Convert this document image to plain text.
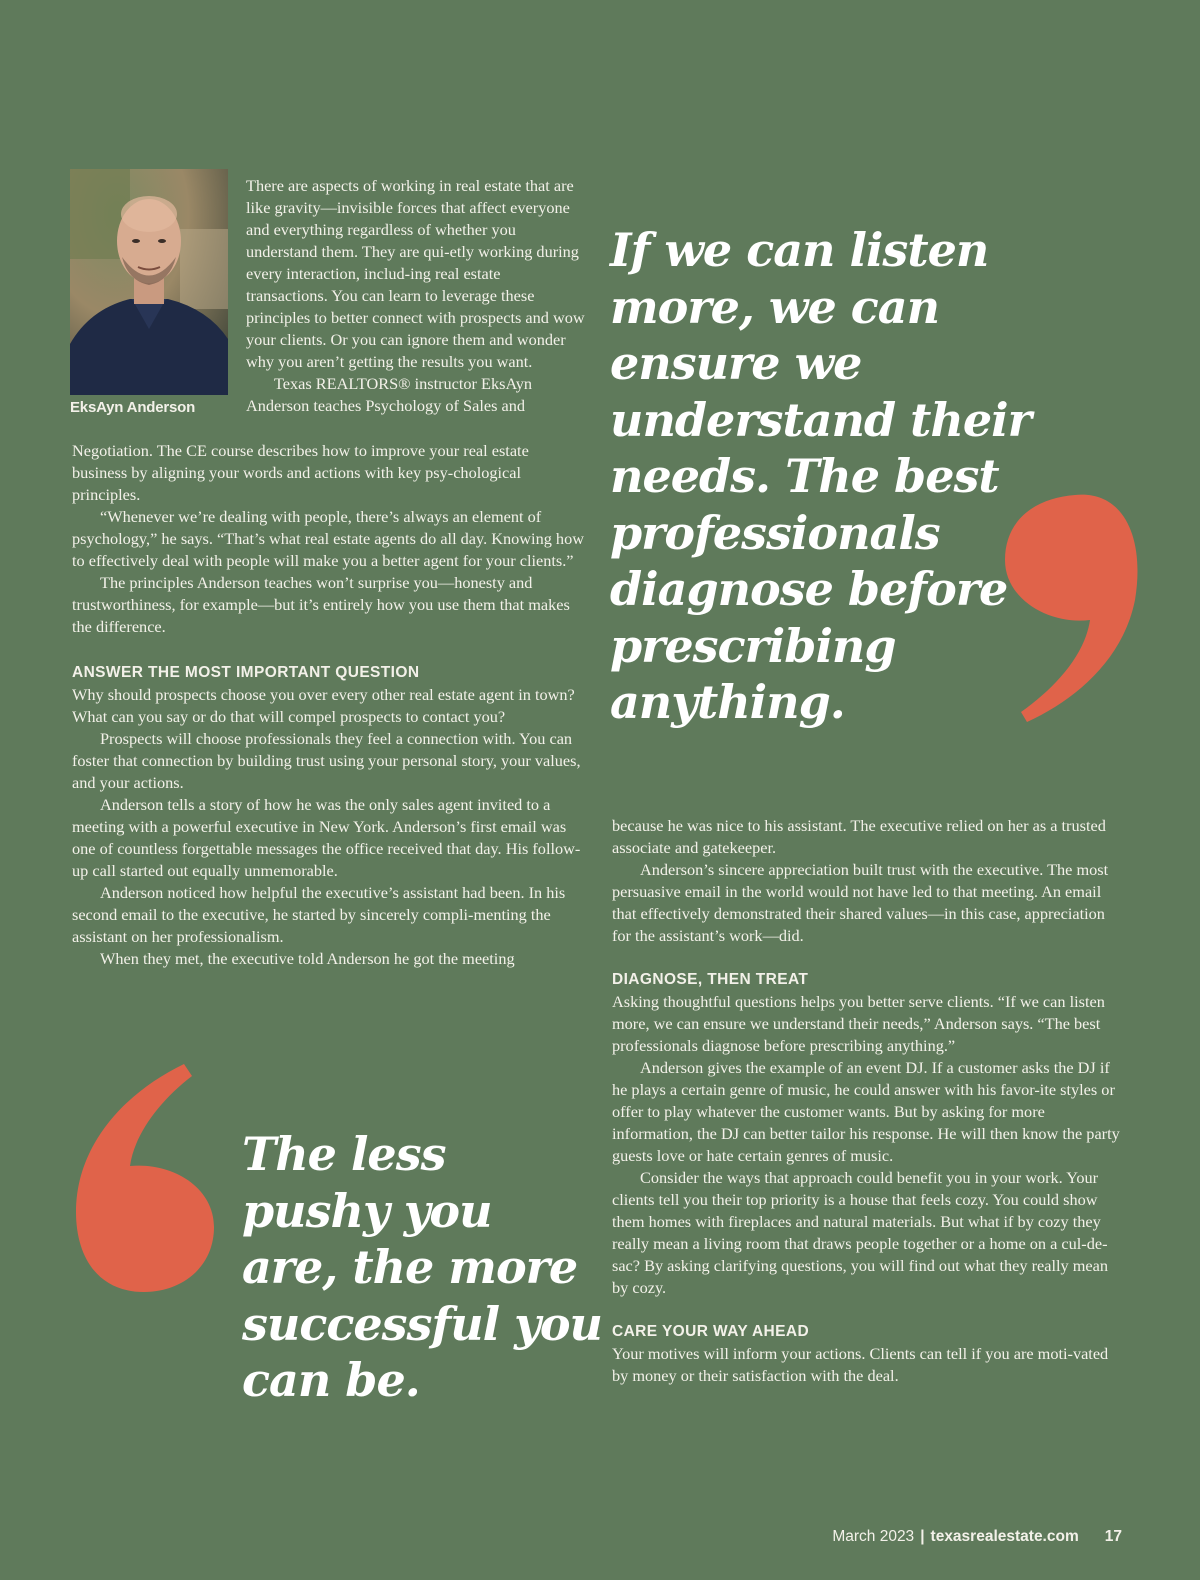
EksAyn Anderson

There are aspects of working in real estate that are like gravity—invisible forces that affect everyone and everything regardless of whether you understand them. They are qui-etly working during every interaction, includ-ing real estate transactions. You can learn to leverage these principles to better connect with prospects and wow your clients. Or you can ignore them and wonder why you aren’t getting the results you want.

Texas REALTORS® instructor EksAyn Anderson teaches Psychology of Sales and

Negotiation. The CE course describes how to improve your real estate business by aligning your words and actions with key psy-chological principles.

“Whenever we’re dealing with people, there’s always an element of psychology,” he says. “That’s what real estate agents do all day. Knowing how to effectively deal with people will make you a better agent for your clients.”

The principles Anderson teaches won’t surprise you—honesty and trustworthiness, for example—but it’s entirely how you use them that makes the difference.

ANSWER THE MOST IMPORTANT QUESTION

Why should prospects choose you over every other real estate agent in town? What can you say or do that will compel prospects to contact you?

Prospects will choose professionals they feel a connection with. You can foster that connection by building trust using your personal story, your values, and your actions.

Anderson tells a story of how he was the only sales agent invited to a meeting with a powerful executive in New York. Anderson’s first email was one of countless forgettable messages the office received that day. His follow-up call started out equally unmemorable.

Anderson noticed how helpful the executive’s assistant had been. In his second email to the executive, he started by sincerely compli-menting the assistant on her professionalism.

When they met, the executive told Anderson he got the meeting

If we can listen
more, we can
ensure we
understand their
needs. The best
professionals
diagnose before
prescribing
anything.

because he was nice to his assistant. The executive relied on her as a trusted associate and gatekeeper.

Anderson’s sincere appreciation built trust with the executive. The most persuasive email in the world would not have led to that meeting. An email that effectively demonstrated their shared values—in this case, appreciation for the assistant’s work—did.

DIAGNOSE, THEN TREAT

Asking thoughtful questions helps you better serve clients. “If we can listen more, we can ensure we understand their needs,” Anderson says. “The best professionals diagnose before prescribing anything.”

Anderson gives the example of an event DJ. If a customer asks the DJ if he plays a certain genre of music, he could answer with his favor-ite styles or offer to play whatever the customer wants. But by asking for more information, the DJ can better tailor his response. He will then know the party guests love or hate certain genres of music.

Consider the ways that approach could benefit you in your work. Your clients tell you their top priority is a house that feels cozy. You could show them homes with fireplaces and natural materials. But what if by cozy they really mean a living room that draws people together or a home on a cul-de-sac? By asking clarifying questions, you will find out what they really mean by cozy.

CARE YOUR WAY AHEAD

Your motives will inform your actions. Clients can tell if you are moti-vated by money or their satisfaction with the deal.

The less
pushy you
are, the more
successful you
can be.
March 2023 | texasrealestate.com 17
